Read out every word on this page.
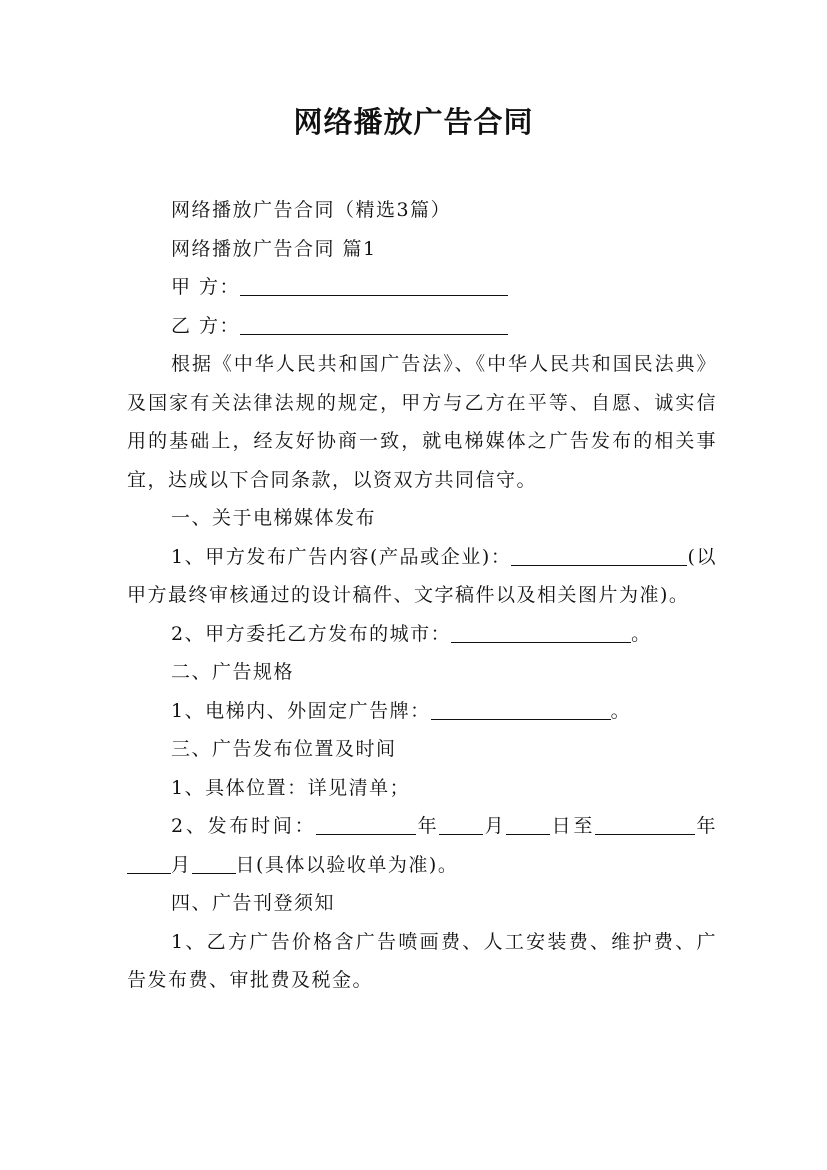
网络播放广告合同

网络播放广告合同（精选3篇）

网络播放广告合同 篇1

甲 方：

乙 方：

根据《中华人民共和国广告法》、《中华人民共和国民法典》及国家有关法律法规的规定，甲方与乙方在平等、自愿、诚实信用的基础上，经友好协商一致，就电梯媒体之广告发布的相关事宜，达成以下合同条款，以资双方共同信守。

一、关于电梯媒体发布

1、甲方发布广告内容(产品或企业)：	(以甲方最终审核通过的设计稿件、文字稿件以及相关图片为准)。

2、甲方委托乙方发布的城市：	。

二、广告规格

1、电梯内、外固定广告牌：	。

三、广告发布位置及时间

1、具体位置：详见清单；

2、发布时间：	年 月 日至	年月 日(具体以验收单为准)。

四、广告刊登须知

1、乙方广告价格含广告喷画费、人工安装费、维护费、广告发布费、审批费及税金。
